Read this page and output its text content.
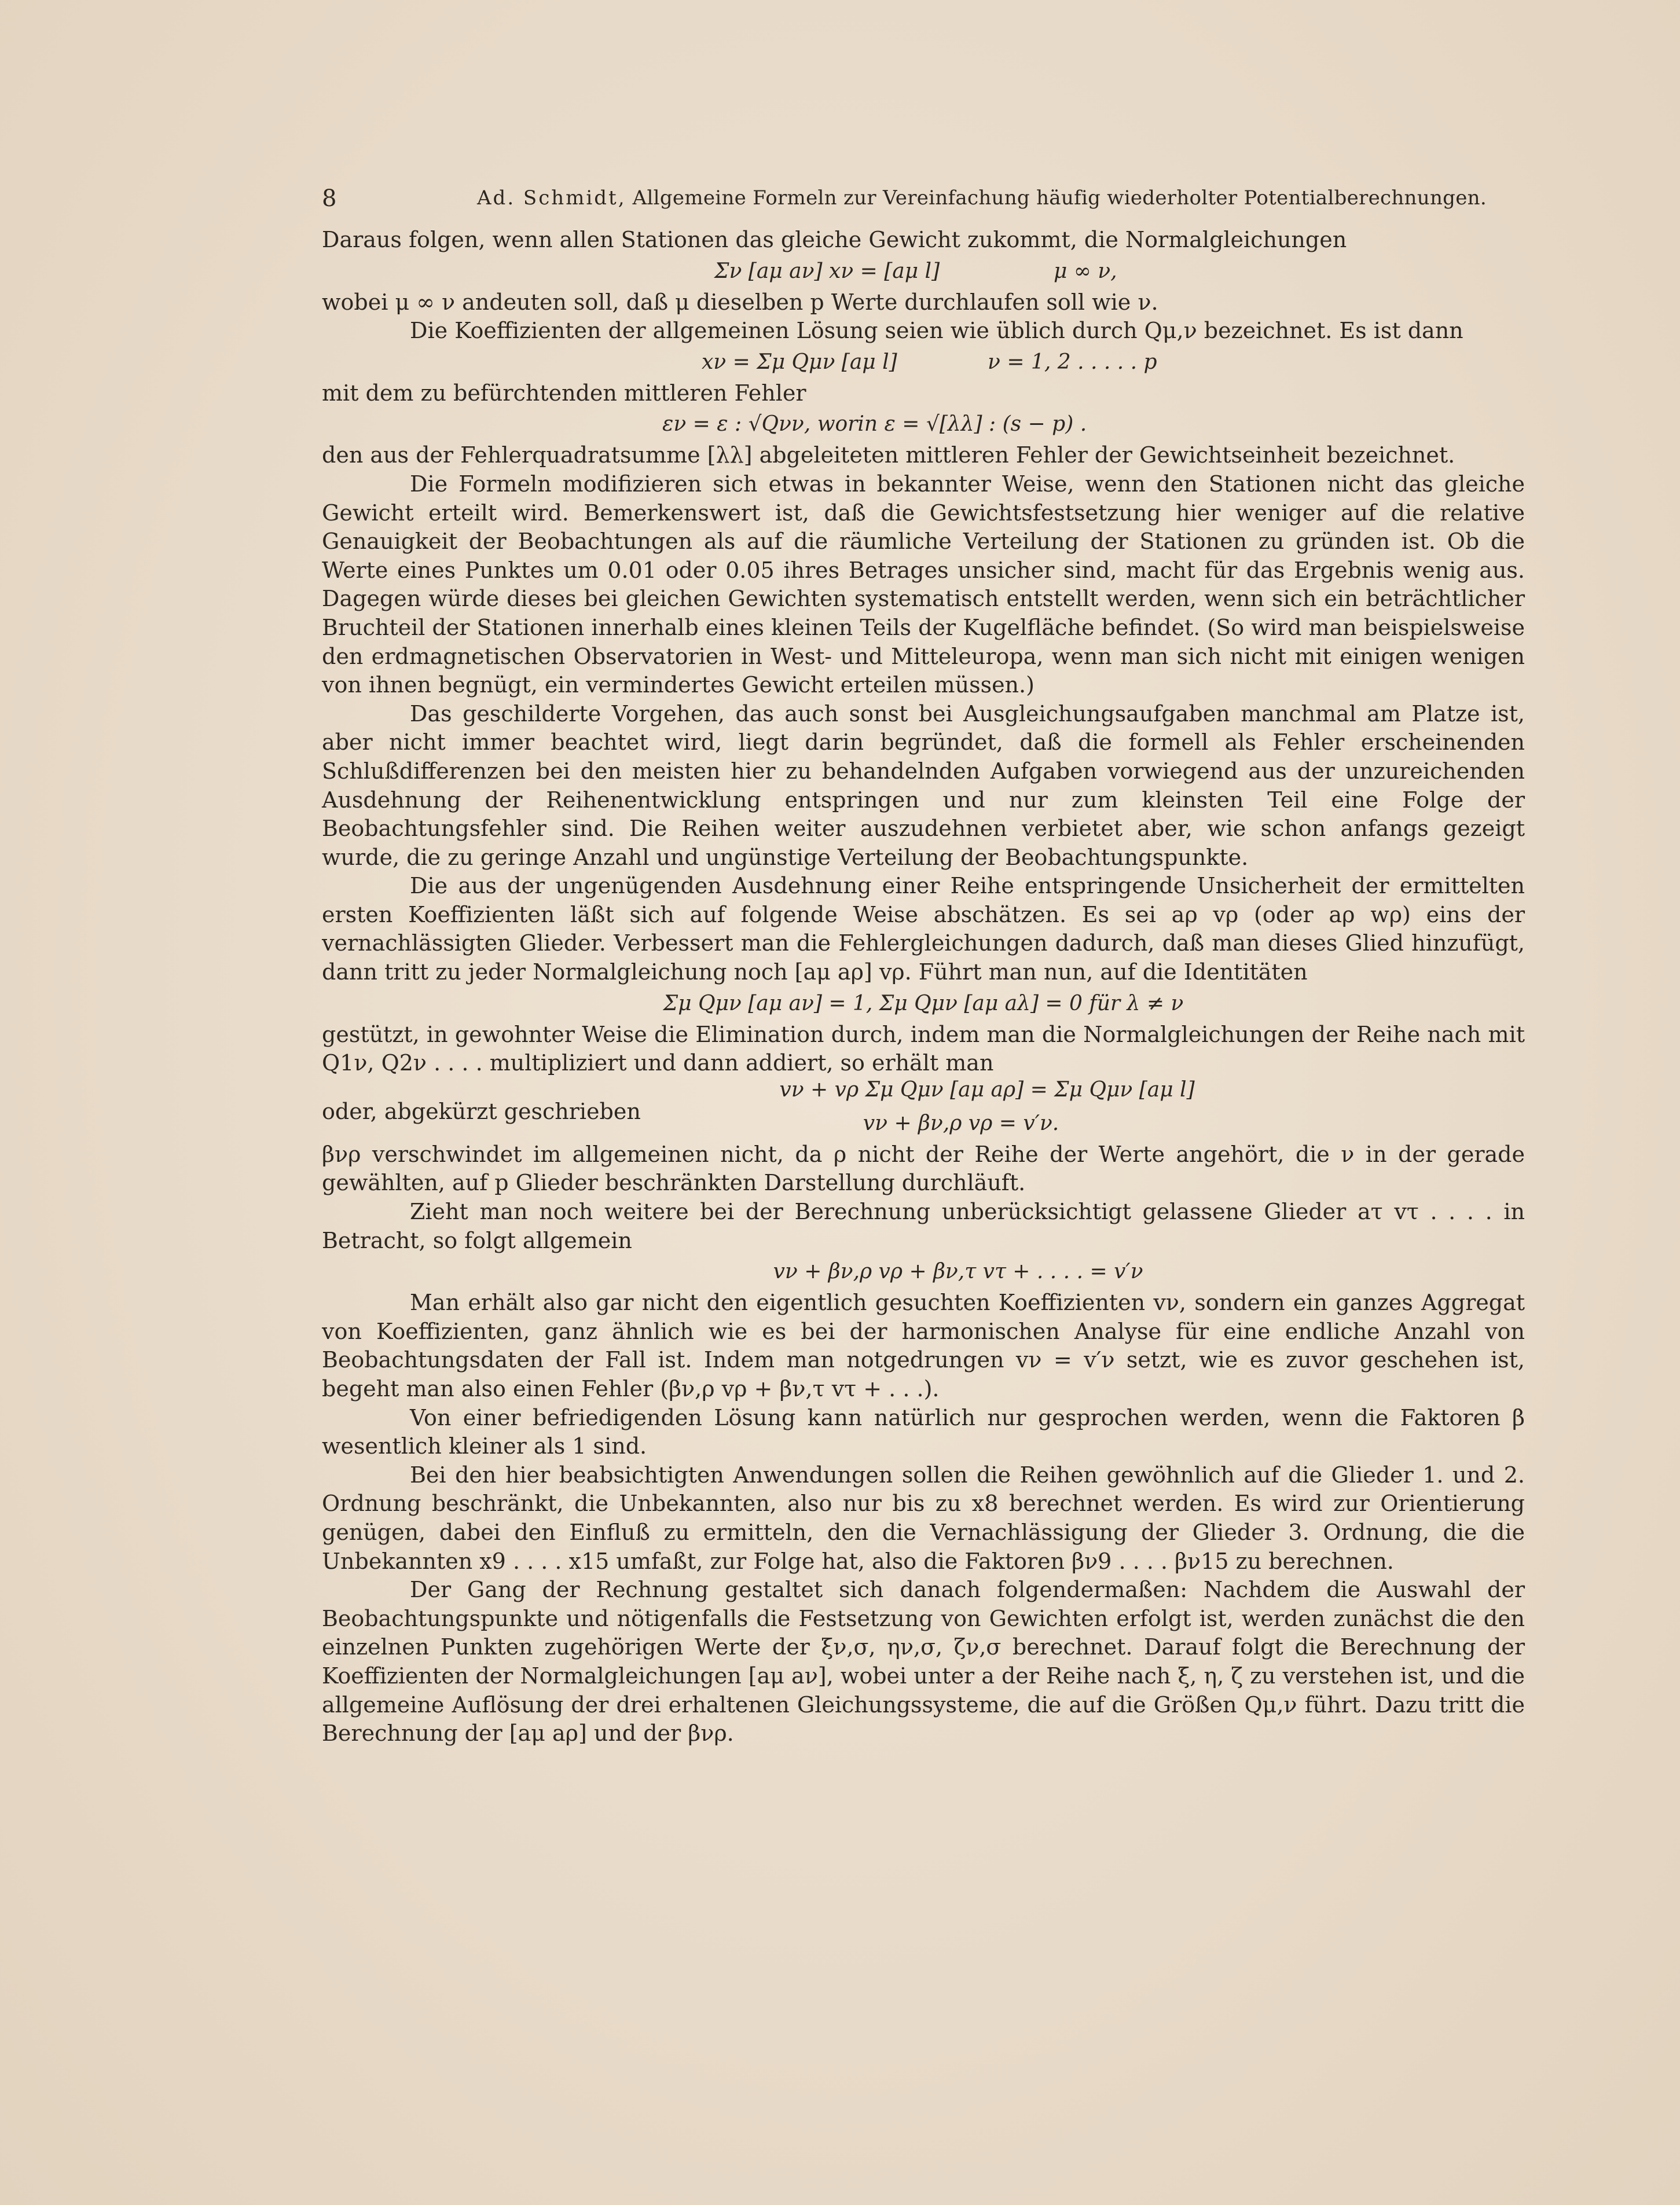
8	Ad. Schmidt, Allgemeine Formeln zur Vereinfachung häufig wiederholter Potentialberechnungen.

Daraus folgen, wenn allen Stationen das gleiche Gewicht zukommt, die Normalgleichungen

Σν [aμ aν] xν = [aμ l]	μ ∞ ν,

wobei μ ∞ ν andeuten soll, daß μ dieselben p Werte durchlaufen soll wie ν.

Die Koeffizienten der allgemeinen Lösung seien wie üblich durch Qμ,ν bezeichnet. Es ist dann

xν = Σμ Qμν [aμ l]	ν = 1, 2 . . . . . p

mit dem zu befürchtenden mittleren Fehler

εν = ε : √Qνν, worin ε = √[λλ] : (s − p) .

den aus der Fehlerquadratsumme [λλ] abgeleiteten mittleren Fehler der Gewichtseinheit bezeichnet.

Die Formeln modifizieren sich etwas in bekannter Weise, wenn den Stationen nicht das gleiche Gewicht erteilt wird. Bemerkenswert ist, daß die Gewichtsfestsetzung hier weniger auf die relative Genauigkeit der Beobachtungen als auf die räumliche Verteilung der Stationen zu gründen ist. Ob die Werte eines Punktes um 0.01 oder 0.05 ihres Betrages unsicher sind, macht für das Ergebnis wenig aus. Dagegen würde dieses bei gleichen Gewichten systematisch entstellt werden, wenn sich ein beträchtlicher Bruchteil der Stationen innerhalb eines kleinen Teils der Kugelfläche befindet. (So wird man beispielsweise den erdmagnetischen Observatorien in West- und Mitteleuropa, wenn man sich nicht mit einigen wenigen von ihnen begnügt, ein vermindertes Gewicht erteilen müssen.)

Das geschilderte Vorgehen, das auch sonst bei Ausgleichungsaufgaben manchmal am Platze ist, aber nicht immer beachtet wird, liegt darin begründet, daß die formell als Fehler erscheinenden Schlußdifferenzen bei den meisten hier zu behandelnden Aufgaben vorwiegend aus der unzureichenden Ausdehnung der Reihenentwicklung entspringen und nur zum kleinsten Teil eine Folge der Beobachtungsfehler sind. Die Reihen weiter auszudehnen verbietet aber, wie schon anfangs gezeigt wurde, die zu geringe Anzahl und ungünstige Verteilung der Beobachtungspunkte.

Die aus der ungenügenden Ausdehnung einer Reihe entspringende Unsicherheit der ermittelten ersten Koeffizienten läßt sich auf folgende Weise abschätzen. Es sei aρ vρ (oder aρ wρ) eins der vernachlässigten Glieder. Verbessert man die Fehlergleichungen dadurch, daß man dieses Glied hinzufügt, dann tritt zu jeder Normalgleichung noch [aμ aρ] vρ. Führt man nun, auf die Identitäten

Σμ Qμν [aμ aν] = 1, Σμ Qμν [aμ aλ] = 0 für λ ≠ ν

gestützt, in gewohnter Weise die Elimination durch, indem man die Normalgleichungen der Reihe nach mit Q1ν, Q2ν . . . . multipliziert und dann addiert, so erhält man

vν + vρ Σμ Qμν [aμ aρ] = Σμ Qμν [aμ l]
oder, abgekürzt geschrieben	vν + βν,ρ vρ = v′ν.

βνρ verschwindet im allgemeinen nicht, da ρ nicht der Reihe der Werte angehört, die ν in der gerade gewählten, auf p Glieder beschränkten Darstellung durchläuft.

Zieht man noch weitere bei der Berechnung unberücksichtigt gelassene Glieder aτ vτ . . . . in Betracht, so folgt allgemein

vν + βν,ρ vρ + βν,τ vτ + . . . . = v′ν

Man erhält also gar nicht den eigentlich gesuchten Koeffizienten vν, sondern ein ganzes Aggregat von Koeffizienten, ganz ähnlich wie es bei der harmonischen Analyse für eine endliche Anzahl von Beobachtungsdaten der Fall ist. Indem man notgedrungen vν = v′ν setzt, wie es zuvor geschehen ist, begeht man also einen Fehler (βν,ρ vρ + βν,τ vτ + . . .).

Von einer befriedigenden Lösung kann natürlich nur gesprochen werden, wenn die Faktoren β wesentlich kleiner als 1 sind.

Bei den hier beabsichtigten Anwendungen sollen die Reihen gewöhnlich auf die Glieder 1. und 2. Ordnung beschränkt, die Unbekannten, also nur bis zu x8 berechnet werden. Es wird zur Orientierung genügen, dabei den Einfluß zu ermitteln, den die Vernachlässigung der Glieder 3. Ordnung, die die Unbekannten x9 . . . . x15 umfaßt, zur Folge hat, also die Faktoren βν9 . . . . βν15 zu berechnen.

Der Gang der Rechnung gestaltet sich danach folgendermaßen: Nachdem die Auswahl der Beobachtungspunkte und nötigenfalls die Festsetzung von Gewichten erfolgt ist, werden zunächst die den einzelnen Punkten zugehörigen Werte der ξν,σ, ην,σ, ζν,σ berechnet. Darauf folgt die Berechnung der Koeffizienten der Normalgleichungen [aμ aν], wobei unter a der Reihe nach ξ, η, ζ zu verstehen ist, und die allgemeine Auflösung der drei erhaltenen Gleichungssysteme, die auf die Größen Qμ,ν führt. Dazu tritt die Berechnung der [aμ aρ] und der βνρ.
